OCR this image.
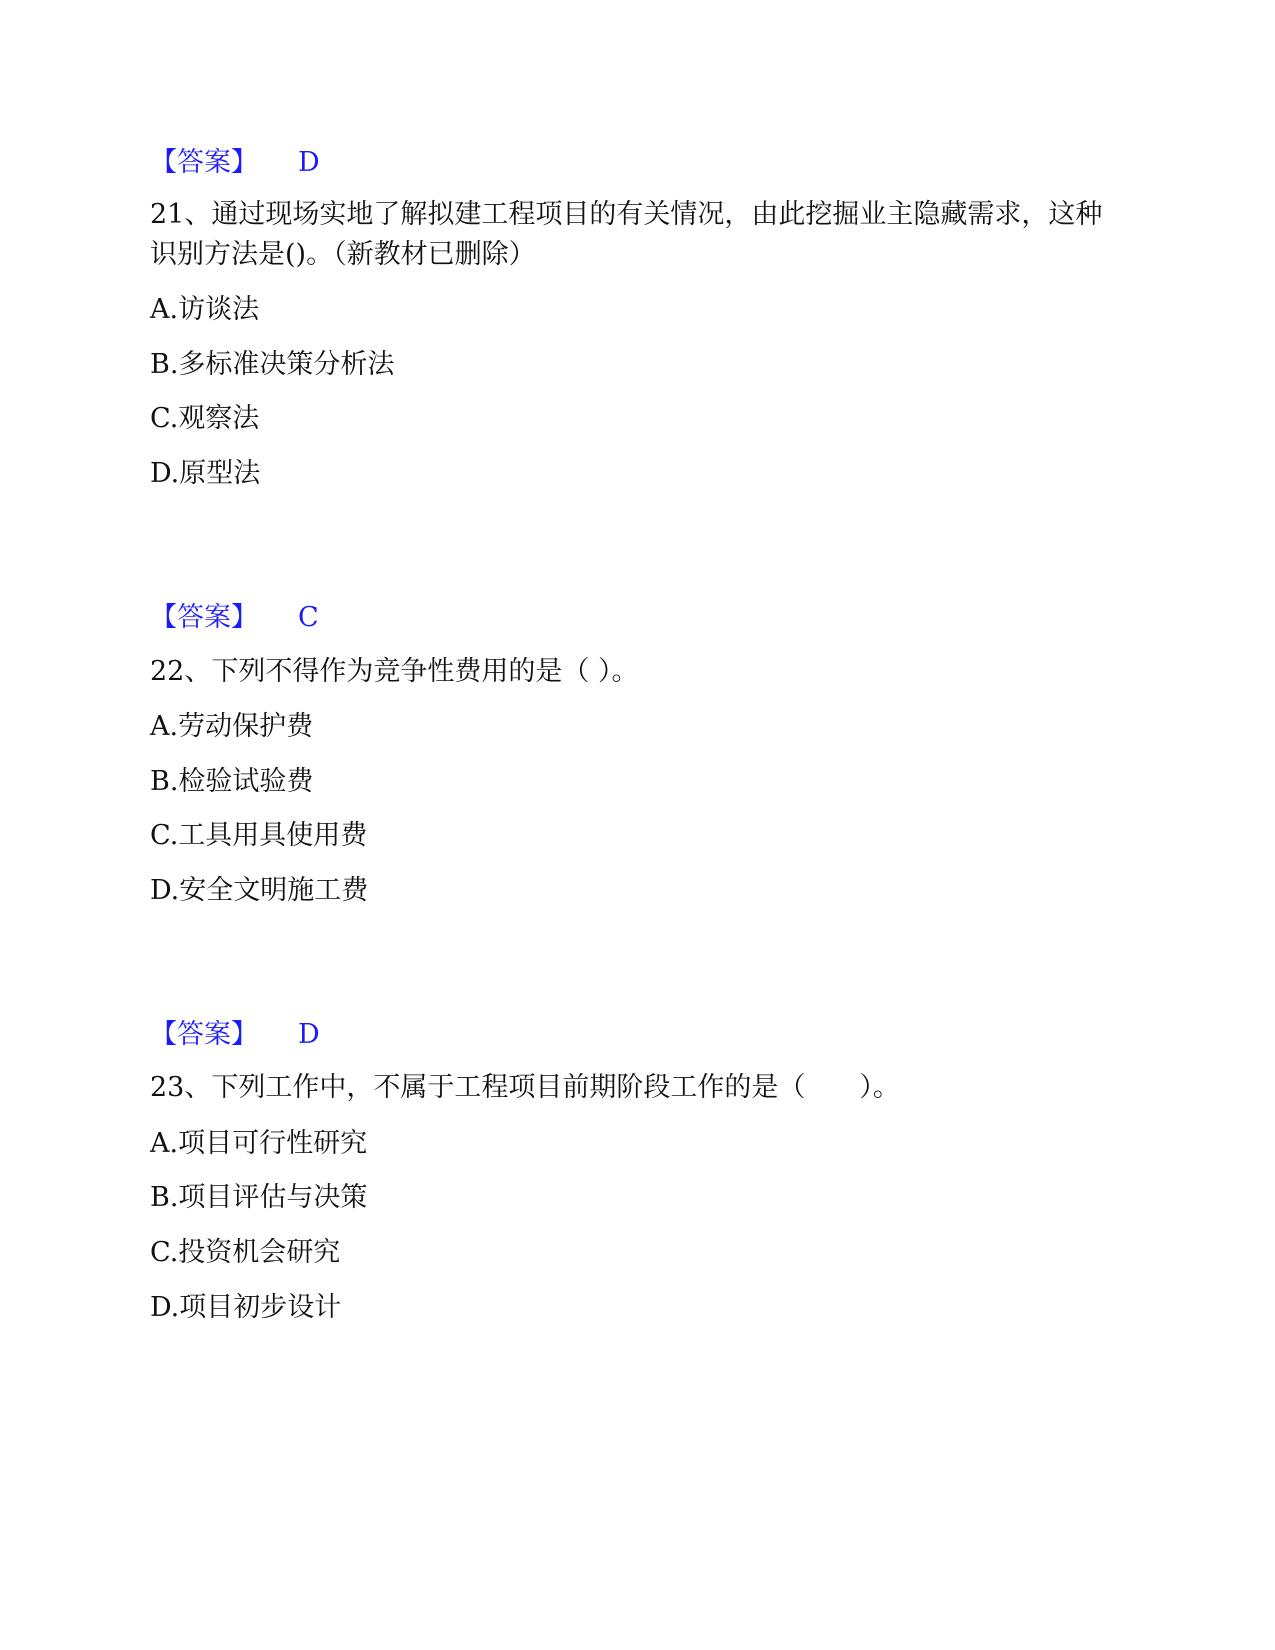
【答案】 D
21、通过现场实地了解拟建工程项目的有关情况，由此挖掘业主隐藏需求，这种识别方法是()。（新教材已删除）
A.访谈法
B.多标准决策分析法
C.观察法
D.原型法
【答案】 C
22、下列不得作为竞争性费用的是（ ）。
A.劳动保护费
B.检验试验费
C.工具用具使用费
D.安全文明施工费
【答案】 D
23、下列工作中，不属于工程项目前期阶段工作的是（　　）。
A.项目可行性研究
B.项目评估与决策
C.投资机会研究
D.项目初步设计
